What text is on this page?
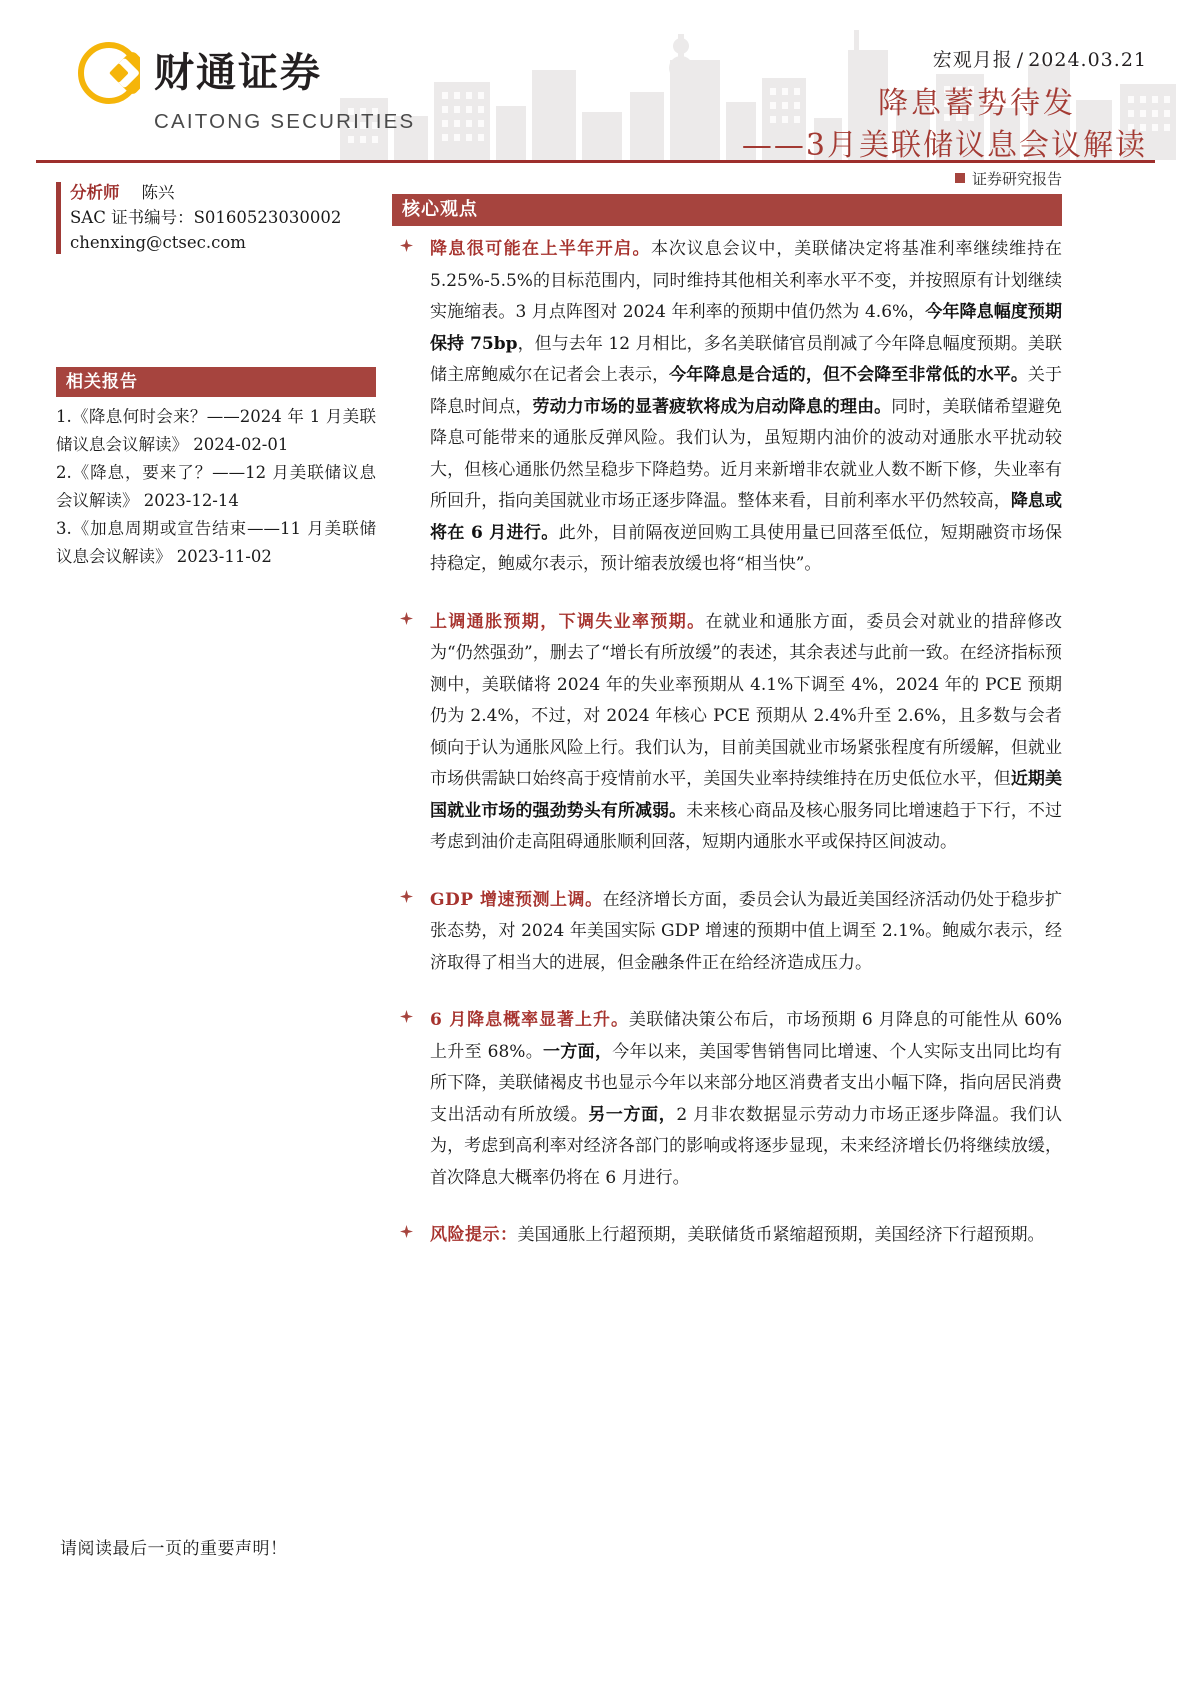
财通证券
CAITONG SECURITIES
宏观月报 / 2024.03.21
降息蓄势待发
——3月美联储议息会议解读
分析师 陈兴
SAC 证书编号：S0160523030002
chenxing@ctsec.com
相关报告
1.《降息何时会来？——2024 年 1 月美联储议息会议解读》 2024-02-01
2.《降息，要来了？——12 月美联储议息会议解读》 2023-12-14
3.《加息周期或宣告结束——11 月美联储议息会议解读》 2023-11-02
证券研究报告
核心观点

降息很可能在上半年开启。本次议息会议中，美联储决定将基准利率继续维持在 5.25%-5.5%的目标范围内，同时维持其他相关利率水平不变，并按照原有计划继续实施缩表。3 月点阵图对 2024 年利率的预期中值仍然为 4.6%，今年降息幅度预期保持 75bp，但与去年 12 月相比，多名美联储官员削减了今年降息幅度预期。美联储主席鲍威尔在记者会上表示，今年降息是合适的，但不会降至非常低的水平。关于降息时间点，劳动力市场的显著疲软将成为启动降息的理由。同时，美联储希望避免降息可能带来的通胀反弹风险。我们认为，虽短期内油价的波动对通胀水平扰动较大，但核心通胀仍然呈稳步下降趋势。近月来新增非农就业人数不断下修，失业率有所回升，指向美国就业市场正逐步降温。整体来看，目前利率水平仍然较高，降息或将在 6 月进行。此外，目前隔夜逆回购工具使用量已回落至低位，短期融资市场保持稳定，鲍威尔表示，预计缩表放缓也将“相当快”。

上调通胀预期，下调失业率预期。在就业和通胀方面，委员会对就业的措辞修改为“仍然强劲”，删去了“增长有所放缓”的表述，其余表述与此前一致。在经济指标预测中，美联储将 2024 年的失业率预期从 4.1%下调至 4%，2024 年的 PCE 预期仍为 2.4%，不过，对 2024 年核心 PCE 预期从 2.4%升至 2.6%，且多数与会者倾向于认为通胀风险上行。我们认为，目前美国就业市场紧张程度有所缓解，但就业市场供需缺口始终高于疫情前水平，美国失业率持续维持在历史低位水平，但近期美国就业市场的强劲势头有所减弱。未来核心商品及核心服务同比增速趋于下行，不过考虑到油价走高阻碍通胀顺利回落，短期内通胀水平或保持区间波动。

GDP 增速预测上调。在经济增长方面，委员会认为最近美国经济活动仍处于稳步扩张态势，对 2024 年美国实际 GDP 增速的预期中值上调至 2.1%。鲍威尔表示，经济取得了相当大的进展，但金融条件正在给经济造成压力。

6 月降息概率显著上升。美联储决策公布后，市场预期 6 月降息的可能性从 60%上升至 68%。一方面，今年以来，美国零售销售同比增速、个人实际支出同比均有所下降，美联储褐皮书也显示今年以来部分地区消费者支出小幅下降，指向居民消费支出活动有所放缓。另一方面，2 月非农数据显示劳动力市场正逐步降温。我们认为，考虑到高利率对经济各部门的影响或将逐步显现，未来经济增长仍将继续放缓，首次降息大概率仍将在 6 月进行。

风险提示：美国通胀上行超预期，美联储货币紧缩超预期，美国经济下行超预期。

请阅读最后一页的重要声明！
